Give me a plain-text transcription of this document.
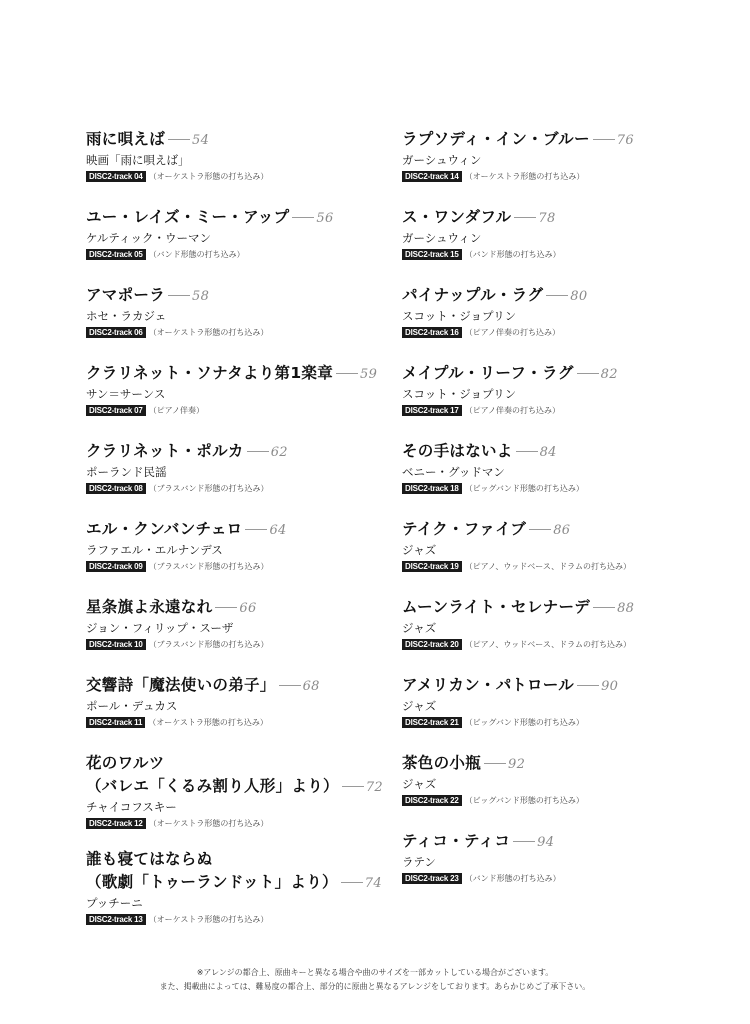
雨に唄えば 54
映画「雨に唄えば」
DISC2-track 04 （オーケストラ形態の打ち込み）
ユー・レイズ・ミー・アップ 56
ケルティック・ウーマン
DISC2-track 05 （バンド形態の打ち込み）
アマポーラ 58
ホセ・ラカジェ
DISC2-track 06 （オーケストラ形態の打ち込み）
クラリネット・ソナタより第1楽章 59
サン＝サーンス
DISC2-track 07 （ピアノ伴奏）
クラリネット・ポルカ 62
ポーランド民謡
DISC2-track 08 （ブラスバンド形態の打ち込み）
エル・クンバンチェロ 64
ラファエル・エルナンデス
DISC2-track 09 （ブラスバンド形態の打ち込み）
星条旗よ永遠なれ 66
ジョン・フィリップ・スーザ
DISC2-track 10 （ブラスバンド形態の打ち込み）
交響詩「魔法使いの弟子」 68
ポール・デュカス
DISC2-track 11 （オーケストラ形態の打ち込み）
花のワルツ
（バレエ「くるみ割り人形」より） 72
チャイコフスキー
DISC2-track 12 （オーケストラ形態の打ち込み）
誰も寝てはならぬ
（歌劇「トゥーランドット」より） 74
プッチーニ
DISC2-track 13 （オーケストラ形態の打ち込み）
ラプソディ・イン・ブルー 76
ガーシュウィン
DISC2-track 14 （オーケストラ形態の打ち込み）
ス・ワンダフル 78
ガーシュウィン
DISC2-track 15 （バンド形態の打ち込み）
パイナップル・ラグ 80
スコット・ジョプリン
DISC2-track 16 （ピアノ伴奏の打ち込み）
メイプル・リーフ・ラグ 82
スコット・ジョプリン
DISC2-track 17 （ピアノ伴奏の打ち込み）
その手はないよ 84
ベニー・グッドマン
DISC2-track 18 （ビッグバンド形態の打ち込み）
テイク・ファイブ 86
ジャズ
DISC2-track 19 （ピアノ、ウッドベース、ドラムの打ち込み）
ムーンライト・セレナーデ 88
ジャズ
DISC2-track 20 （ピアノ、ウッドベース、ドラムの打ち込み）
アメリカン・パトロール 90
ジャズ
DISC2-track 21 （ビッグバンド形態の打ち込み）
茶色の小瓶 92
ジャズ
DISC2-track 22 （ビッグバンド形態の打ち込み）
ティコ・ティコ 94
ラテン
DISC2-track 23 （バンド形態の打ち込み）
※アレンジの都合上、原曲キーと異なる場合や曲のサイズを一部カットしている場合がございます。
また、掲載曲によっては、難易度の都合上、部分的に原曲と異なるアレンジをしております。あらかじめご了承下さい。
